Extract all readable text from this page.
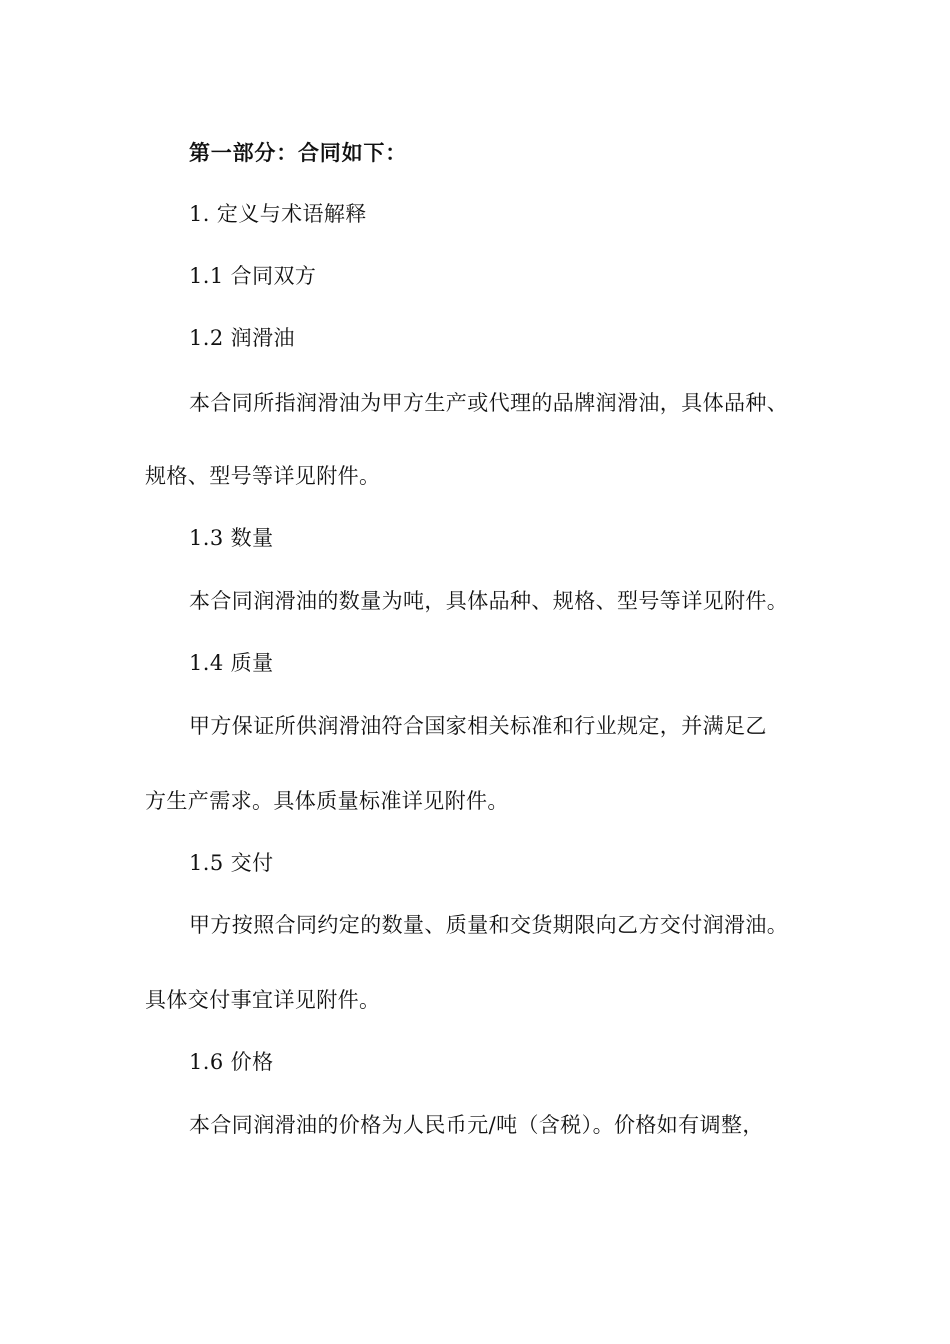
第一部分：合同如下：

1. 定义与术语解释

1.1 合同双方

1.2 润滑油

本合同所指润滑油为甲方生产或代理的品牌润滑油，具体品种、

规格、型号等详见附件。

1.3 数量

本合同润滑油的数量为吨，具体品种、规格、型号等详见附件。

1.4 质量

甲方保证所供润滑油符合国家相关标准和行业规定，并满足乙

方生产需求。具体质量标准详见附件。

1.5 交付

甲方按照合同约定的数量、质量和交货期限向乙方交付润滑油。

具体交付事宜详见附件。

1.6 价格

本合同润滑油的价格为人民币元/吨（含税）。价格如有调整，
